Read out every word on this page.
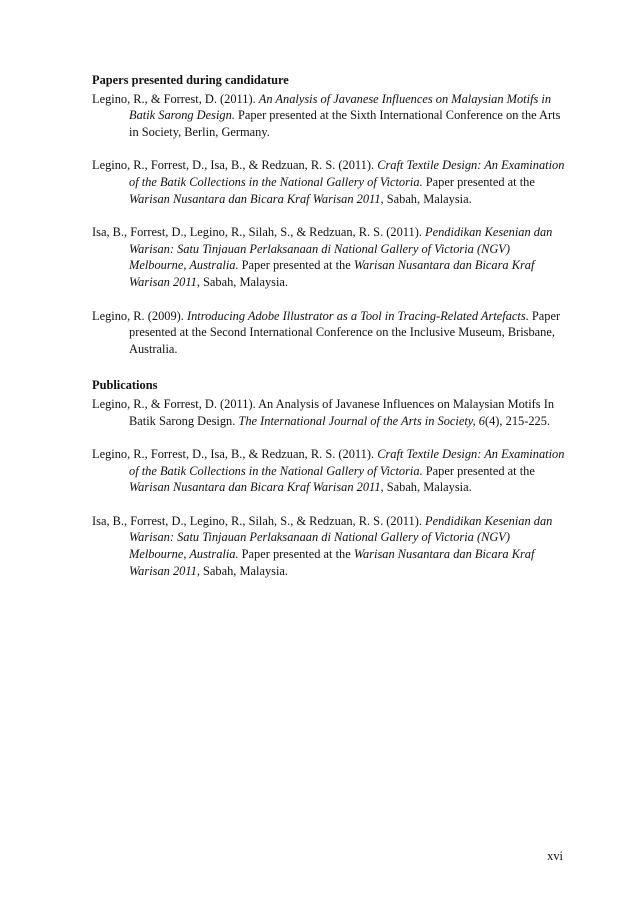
Papers presented during candidature

Legino, R., & Forrest, D. (2011). An Analysis of Javanese Influences on Malaysian Motifs in Batik Sarong Design. Paper presented at the Sixth International Conference on the Arts in Society, Berlin, Germany.

Legino, R., Forrest, D., Isa, B., & Redzuan, R. S. (2011). Craft Textile Design: An Examination of the Batik Collections in the National Gallery of Victoria. Paper presented at the Warisan Nusantara dan Bicara Kraf Warisan 2011, Sabah, Malaysia.

Isa, B., Forrest, D., Legino, R., Silah, S., & Redzuan, R. S. (2011). Pendidikan Kesenian dan Warisan: Satu Tinjauan Perlaksanaan di National Gallery of Victoria (NGV) Melbourne, Australia. Paper presented at the Warisan Nusantara dan Bicara Kraf Warisan 2011, Sabah, Malaysia.

Legino, R. (2009). Introducing Adobe Illustrator as a Tool in Tracing-Related Artefacts. Paper presented at the Second International Conference on the Inclusive Museum, Brisbane, Australia.

Publications

Legino, R., & Forrest, D. (2011). An Analysis of Javanese Influences on Malaysian Motifs In Batik Sarong Design. The International Journal of the Arts in Society, 6(4), 215-225.

Legino, R., Forrest, D., Isa, B., & Redzuan, R. S. (2011). Craft Textile Design: An Examination of the Batik Collections in the National Gallery of Victoria. Paper presented at the Warisan Nusantara dan Bicara Kraf Warisan 2011, Sabah, Malaysia.

Isa, B., Forrest, D., Legino, R., Silah, S., & Redzuan, R. S. (2011). Pendidikan Kesenian dan Warisan: Satu Tinjauan Perlaksanaan di National Gallery of Victoria (NGV) Melbourne, Australia. Paper presented at the Warisan Nusantara dan Bicara Kraf Warisan 2011, Sabah, Malaysia.

xvi
